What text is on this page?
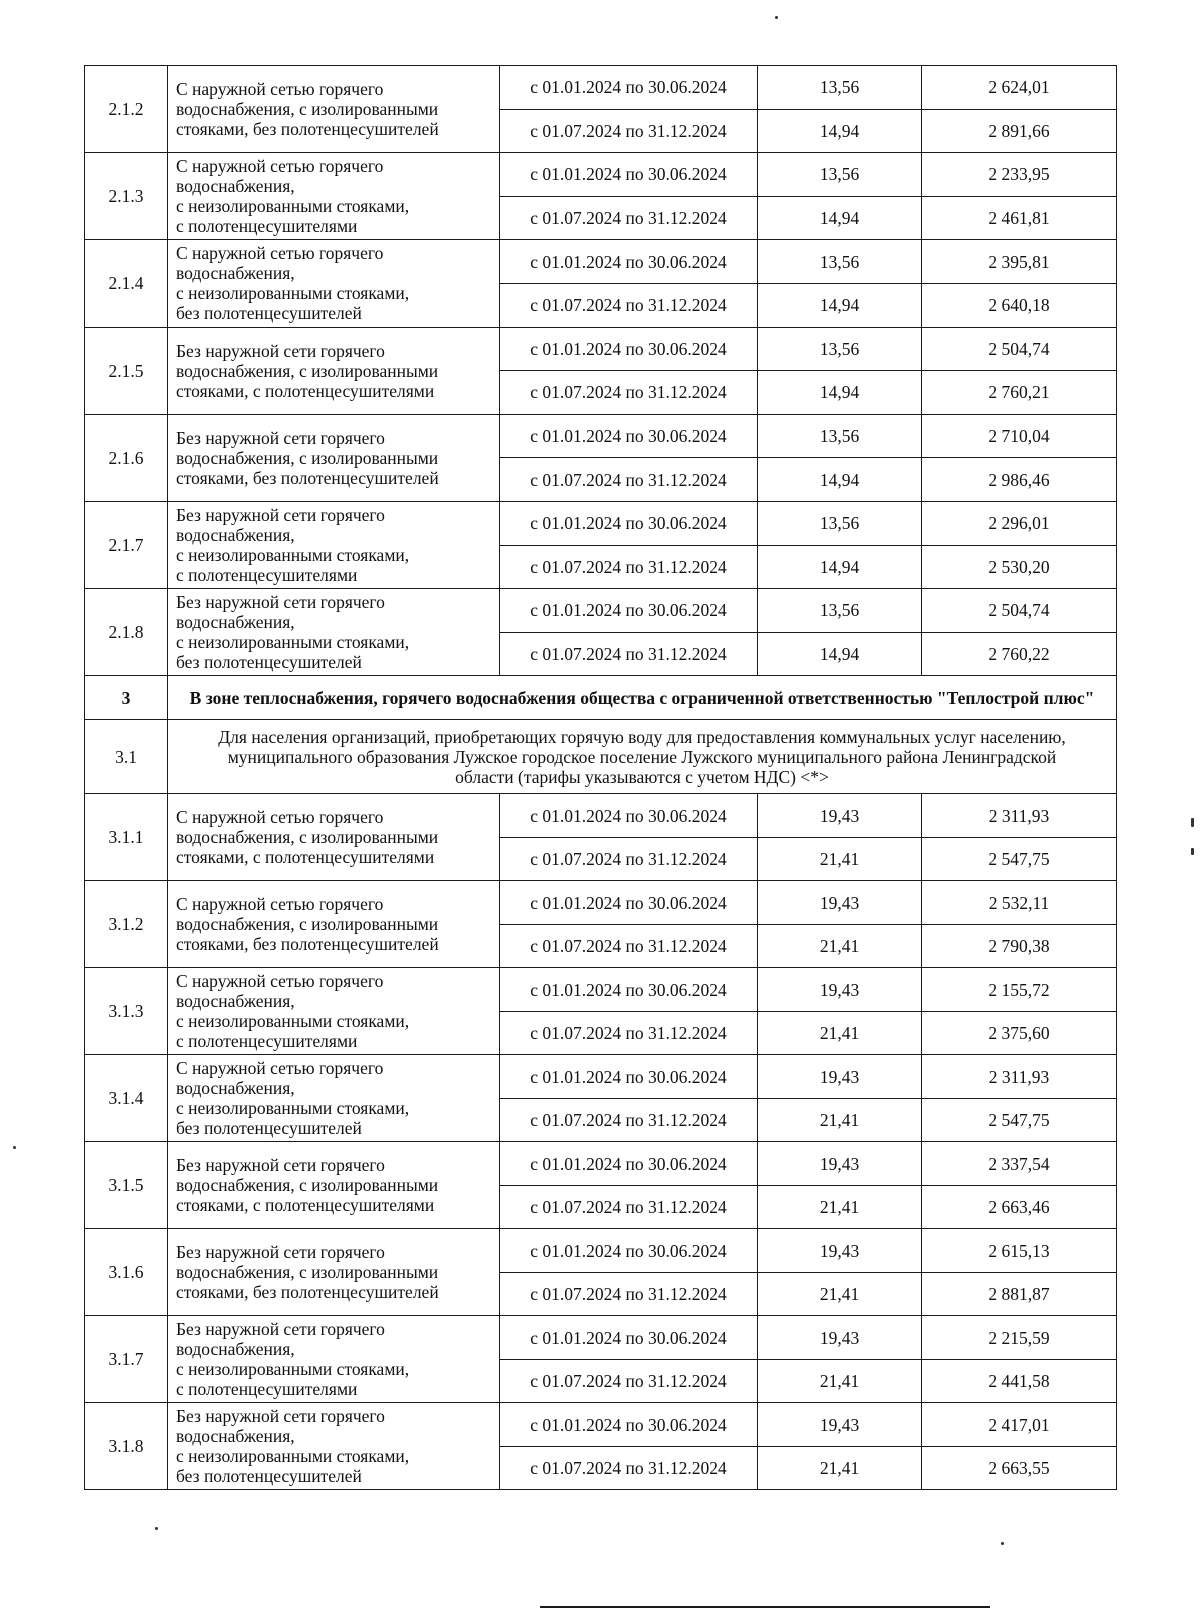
2.1.2	С наружной сетью горячего водоснабжения, с изолированными стояками, без полотенцесушителей	с 01.01.2024 по 30.06.2024	13,56	2 624,01
		с 01.07.2024 по 31.12.2024	14,94	2 891,66
2.1.3	С наружной сетью горячего водоснабжения,
с неизолированными стояками,
с полотенцесушителями	с 01.01.2024 по 30.06.2024	13,56	2 233,95
		с 01.07.2024 по 31.12.2024	14,94	2 461,81
2.1.4	С наружной сетью горячего водоснабжения,
с неизолированными стояками,
без полотенцесушителей	с 01.01.2024 по 30.06.2024	13,56	2 395,81
		с 01.07.2024 по 31.12.2024	14,94	2 640,18
2.1.5	Без наружной сети горячего водоснабжения, с изолированными стояками, с полотенцесушителями	с 01.01.2024 по 30.06.2024	13,56	2 504,74
		с 01.07.2024 по 31.12.2024	14,94	2 760,21
2.1.6	Без наружной сети горячего водоснабжения, с изолированными стояками, без полотенцесушителей	с 01.01.2024 по 30.06.2024	13,56	2 710,04
		с 01.07.2024 по 31.12.2024	14,94	2 986,46
2.1.7	Без наружной сети горячего водоснабжения,
с неизолированными стояками,
с полотенцесушителями	с 01.01.2024 по 30.06.2024	13,56	2 296,01
		с 01.07.2024 по 31.12.2024	14,94	2 530,20
2.1.8	Без наружной сети горячего водоснабжения,
с неизолированными стояками,
без полотенцесушителей	с 01.01.2024 по 30.06.2024	13,56	2 504,74
		с 01.07.2024 по 31.12.2024	14,94	2 760,22
3	В зоне теплоснабжения, горячего водоснабжения общества с ограниченной ответственностью "Теплострой плюс"			
3.1	Для населения организаций, приобретающих горячую воду для предоставления коммунальных услуг населению, муниципального образования Лужское городское поселение Лужского муниципального района Ленинградской области (тарифы указываются с учетом НДС) <*>			
3.1.1	С наружной сетью горячего водоснабжения, с изолированными стояками, с полотенцесушителями	с 01.01.2024 по 30.06.2024	19,43	2 311,93
		с 01.07.2024 по 31.12.2024	21,41	2 547,75
3.1.2	С наружной сетью горячего водоснабжения, с изолированными стояками, без полотенцесушителей	с 01.01.2024 по 30.06.2024	19,43	2 532,11
		с 01.07.2024 по 31.12.2024	21,41	2 790,38
3.1.3	С наружной сетью горячего водоснабжения,
с неизолированными стояками,
с полотенцесушителями	с 01.01.2024 по 30.06.2024	19,43	2 155,72
		с 01.07.2024 по 31.12.2024	21,41	2 375,60
3.1.4	С наружной сетью горячего водоснабжения,
с неизолированными стояками,
без полотенцесушителей	с 01.01.2024 по 30.06.2024	19,43	2 311,93
		с 01.07.2024 по 31.12.2024	21,41	2 547,75
3.1.5	Без наружной сети горячего водоснабжения, с изолированными стояками, с полотенцесушителями	с 01.01.2024 по 30.06.2024	19,43	2 337,54
		с 01.07.2024 по 31.12.2024	21,41	2 663,46
3.1.6	Без наружной сети горячего водоснабжения, с изолированными стояками, без полотенцесушителей	с 01.01.2024 по 30.06.2024	19,43	2 615,13
		с 01.07.2024 по 31.12.2024	21,41	2 881,87
3.1.7	Без наружной сети горячего водоснабжения,
с неизолированными стояками,
с полотенцесушителями	с 01.01.2024 по 30.06.2024	19,43	2 215,59
		с 01.07.2024 по 31.12.2024	21,41	2 441,58
3.1.8	Без наружной сети горячего водоснабжения,
с неизолированными стояками,
без полотенцесушителей	с 01.01.2024 по 30.06.2024	19,43	2 417,01
		с 01.07.2024 по 31.12.2024	21,41	2 663,55
